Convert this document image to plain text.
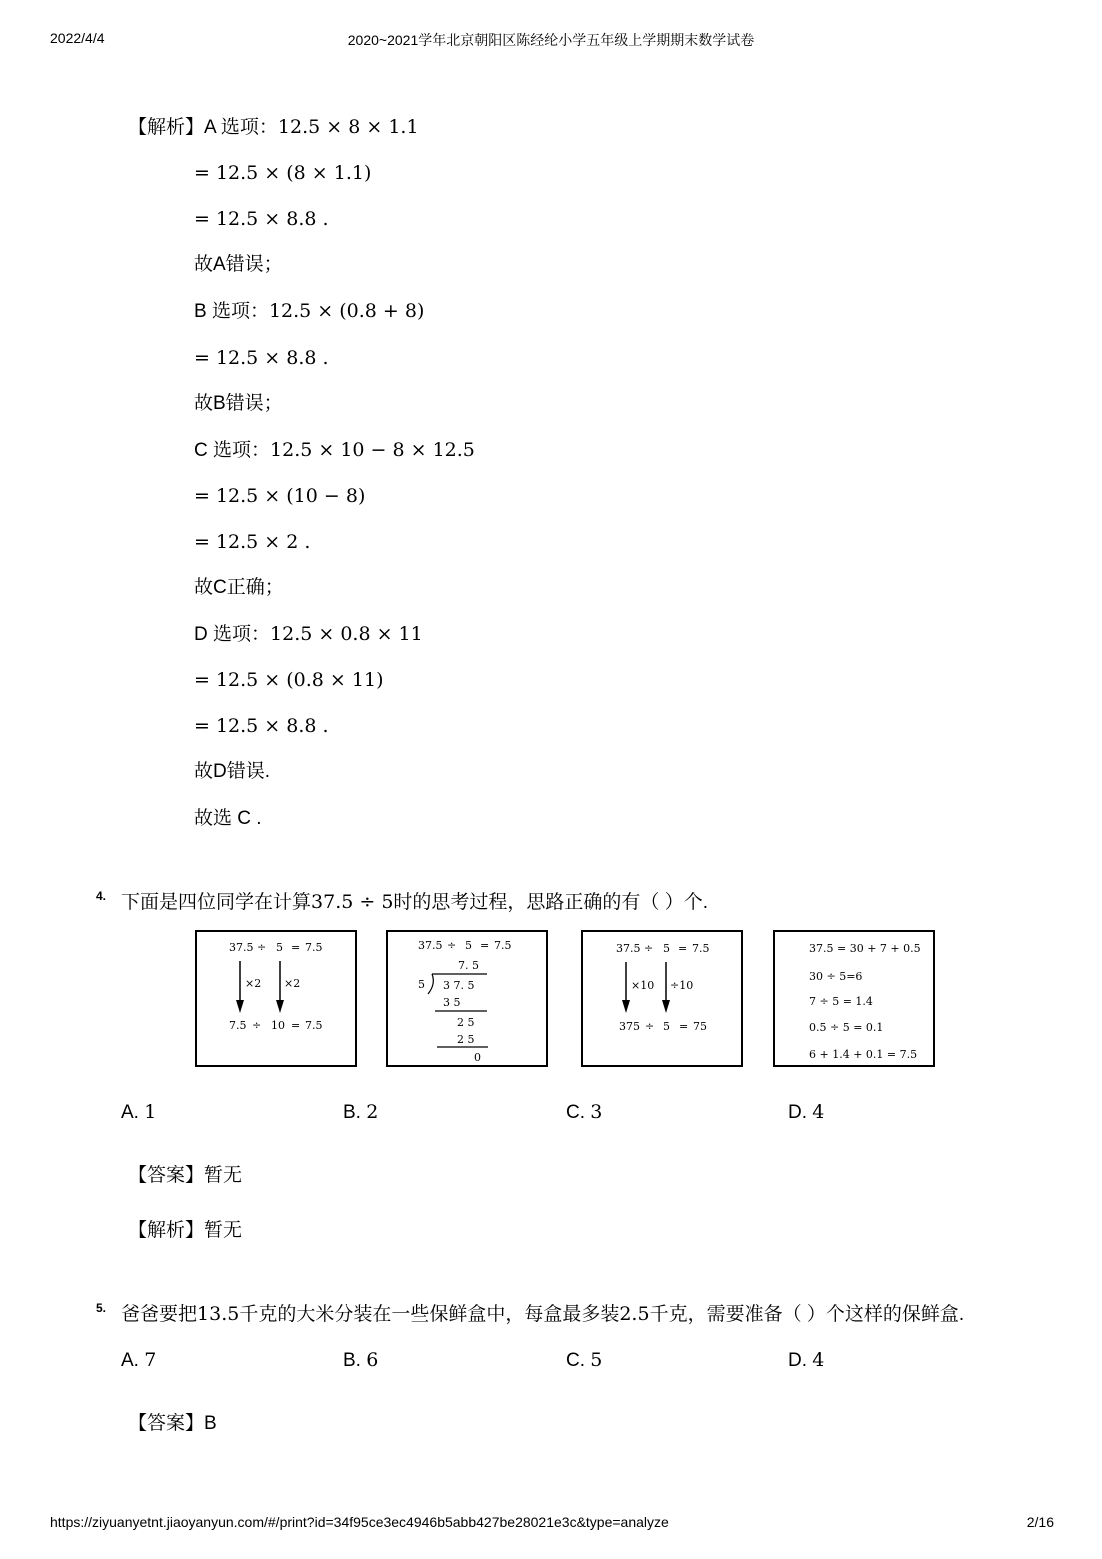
2022/4/4	2020~2021学年北京朝阳区陈经纶小学五年级上学期期末数学试卷
【解析】A 选项：12.5 × 8 × 1.1
= 12.5 × (8 × 1.1)
= 12.5 × 8.8 .
故A错误；
B 选项：12.5 × (0.8 + 8)
= 12.5 × 8.8 .
故B错误；
C 选项：12.5 × 10 − 8 × 12.5
= 12.5 × (10 − 8)
= 12.5 × 2 .
故C正确；
D 选项：12.5 × 0.8 × 11
= 12.5 × (0.8 × 11)
= 12.5 × 8.8 .
故D错误.
故选 C .
4. 下面是四位同学在计算37.5 ÷ 5时的思考过程，思路正确的有（ ）个.
37.5 ÷ 5 = 7.5
×2 ×2
7.5 ÷ 10 = 7.5
37.5 ÷ 5 = 7.5
7. 5
5 3 7. 5
3 5
2 5
2 5
0
37.5 ÷ 5 = 7.5
×10 ÷10
375 ÷ 5 = 75
37.5 = 30 + 7 + 0.5
30 ÷ 5=6
7 ÷ 5 = 1.4
0.5 ÷ 5 = 0.1
6 + 1.4 + 0.1 = 7.5
A. 1	B. 2	C. 3	D. 4
【答案】暂无
【解析】暂无
5. 爸爸要把13.5千克的大米分装在一些保鲜盒中，每盒最多装2.5千克，需要准备（ ）个这样的保鲜盒.
A. 7	B. 6	C. 5	D. 4
【答案】B
https://ziyuanyetnt.jiaoyanyun.com/#/print?id=34f95ce3ec4946b5abb427be28021e3c&type=analyze	2/16
